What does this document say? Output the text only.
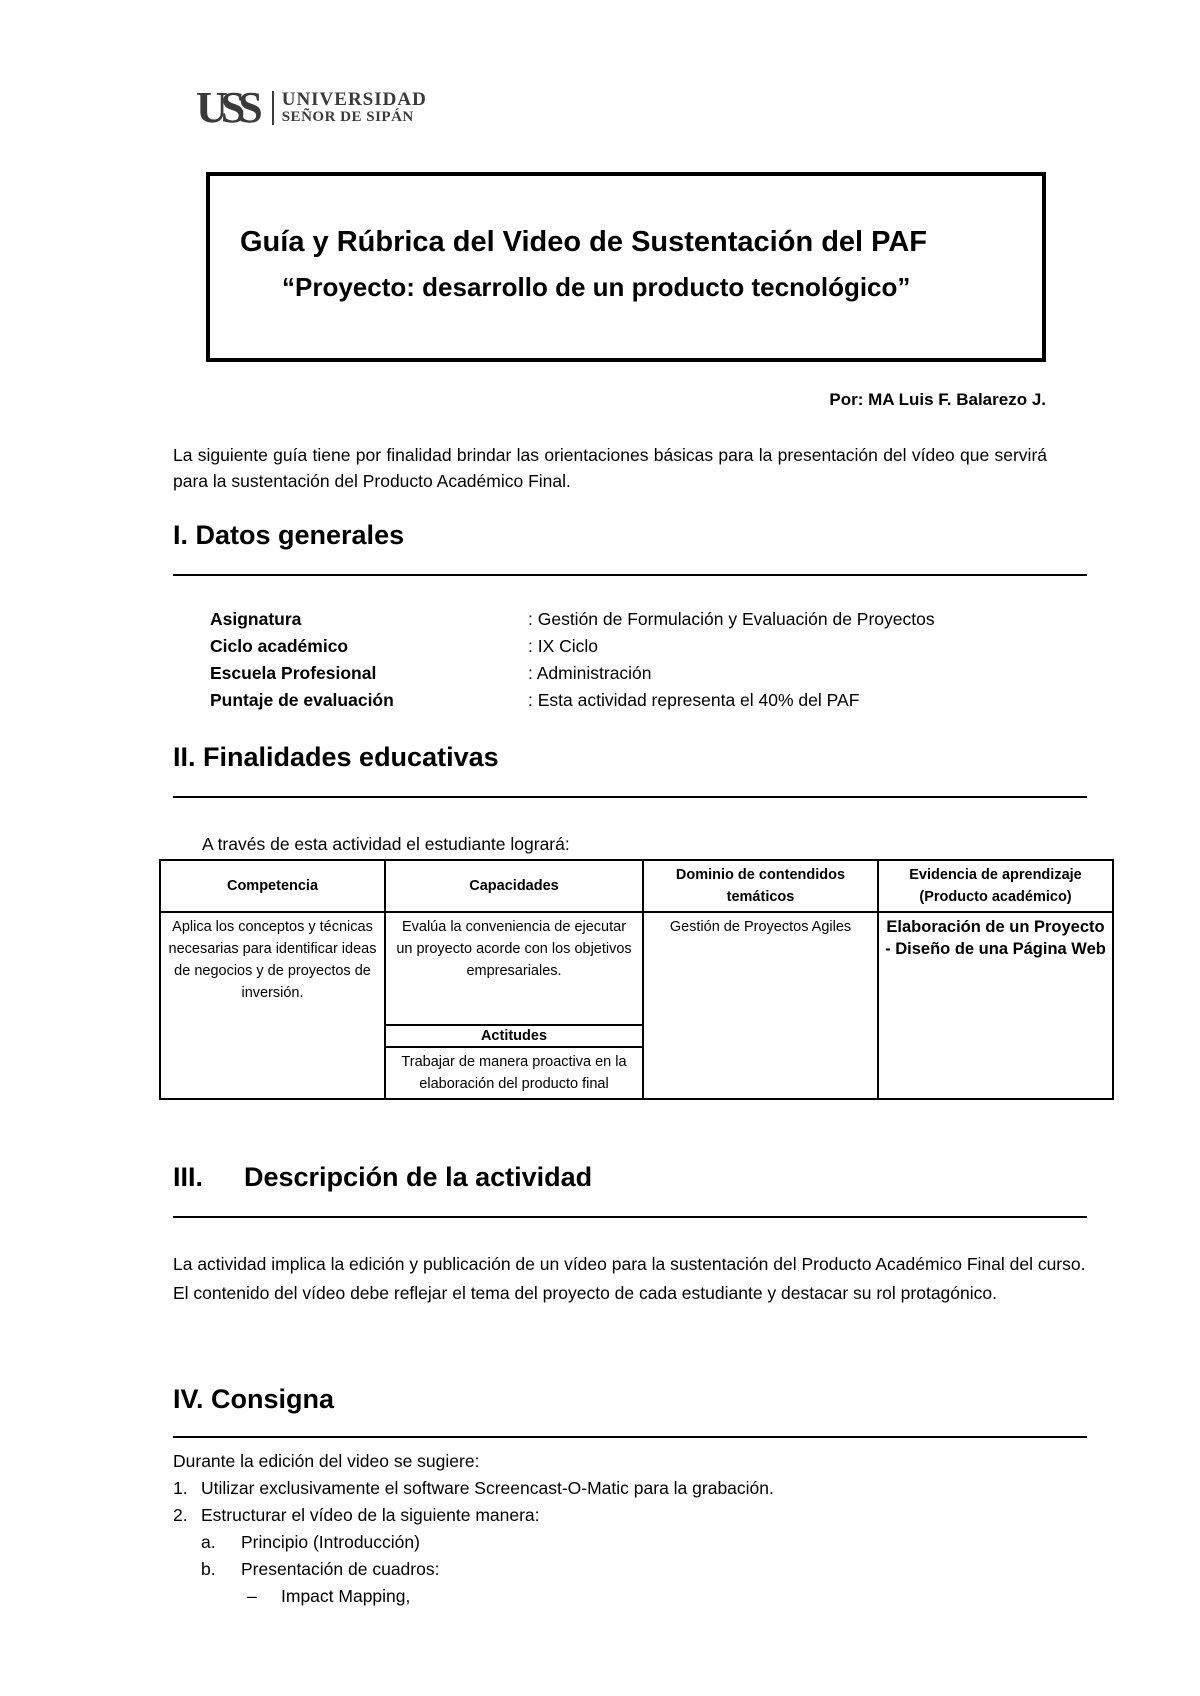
USS UNIVERSIDAD
SEÑOR DE SIPÁN
Guía y Rúbrica del Video de Sustentación del PAF
“Proyecto: desarrollo de un producto tecnológico”
Por: MA Luis F. Balarezo J.
La siguiente guía tiene por finalidad brindar las orientaciones básicas para la presentación del vídeo que servirá para la sustentación del Producto Académico Final.
I. Datos generales
Asignatura	: Gestión de Formulación y Evaluación de Proyectos
Ciclo académico	: IX Ciclo
Escuela Profesional	: Administración
Puntaje de evaluación	: Esta actividad representa el 40% del PAF
II. Finalidades educativas
A través de esta actividad el estudiante logrará:
Competencia	Capacidades	Dominio de contendidos temáticos	Evidencia de aprendizaje (Producto académico)
Aplica los conceptos y técnicas necesarias para identificar ideas de negocios y de proyectos de inversión.	Evalúa la conveniencia de ejecutar un proyecto acorde con los objetivos empresariales.	Gestión de Proyectos Agiles	Elaboración de un Proyecto - Diseño de una Página Web
	Actitudes		
	Trabajar de manera proactiva en la elaboración del producto final		
III. Descripción de la actividad
La actividad implica la edición y publicación de un vídeo para la sustentación del Producto Académico Final del curso. El contenido del vídeo debe reflejar el tema del proyecto de cada estudiante y destacar su rol protagónico.
IV. Consigna
Durante la edición del video se sugiere:
1. Utilizar exclusivamente el software Screencast-O-Matic para la grabación.
2. Estructurar el vídeo de la siguiente manera:
a. Principio (Introducción)
b. Presentación de cuadros:
– Impact Mapping,
